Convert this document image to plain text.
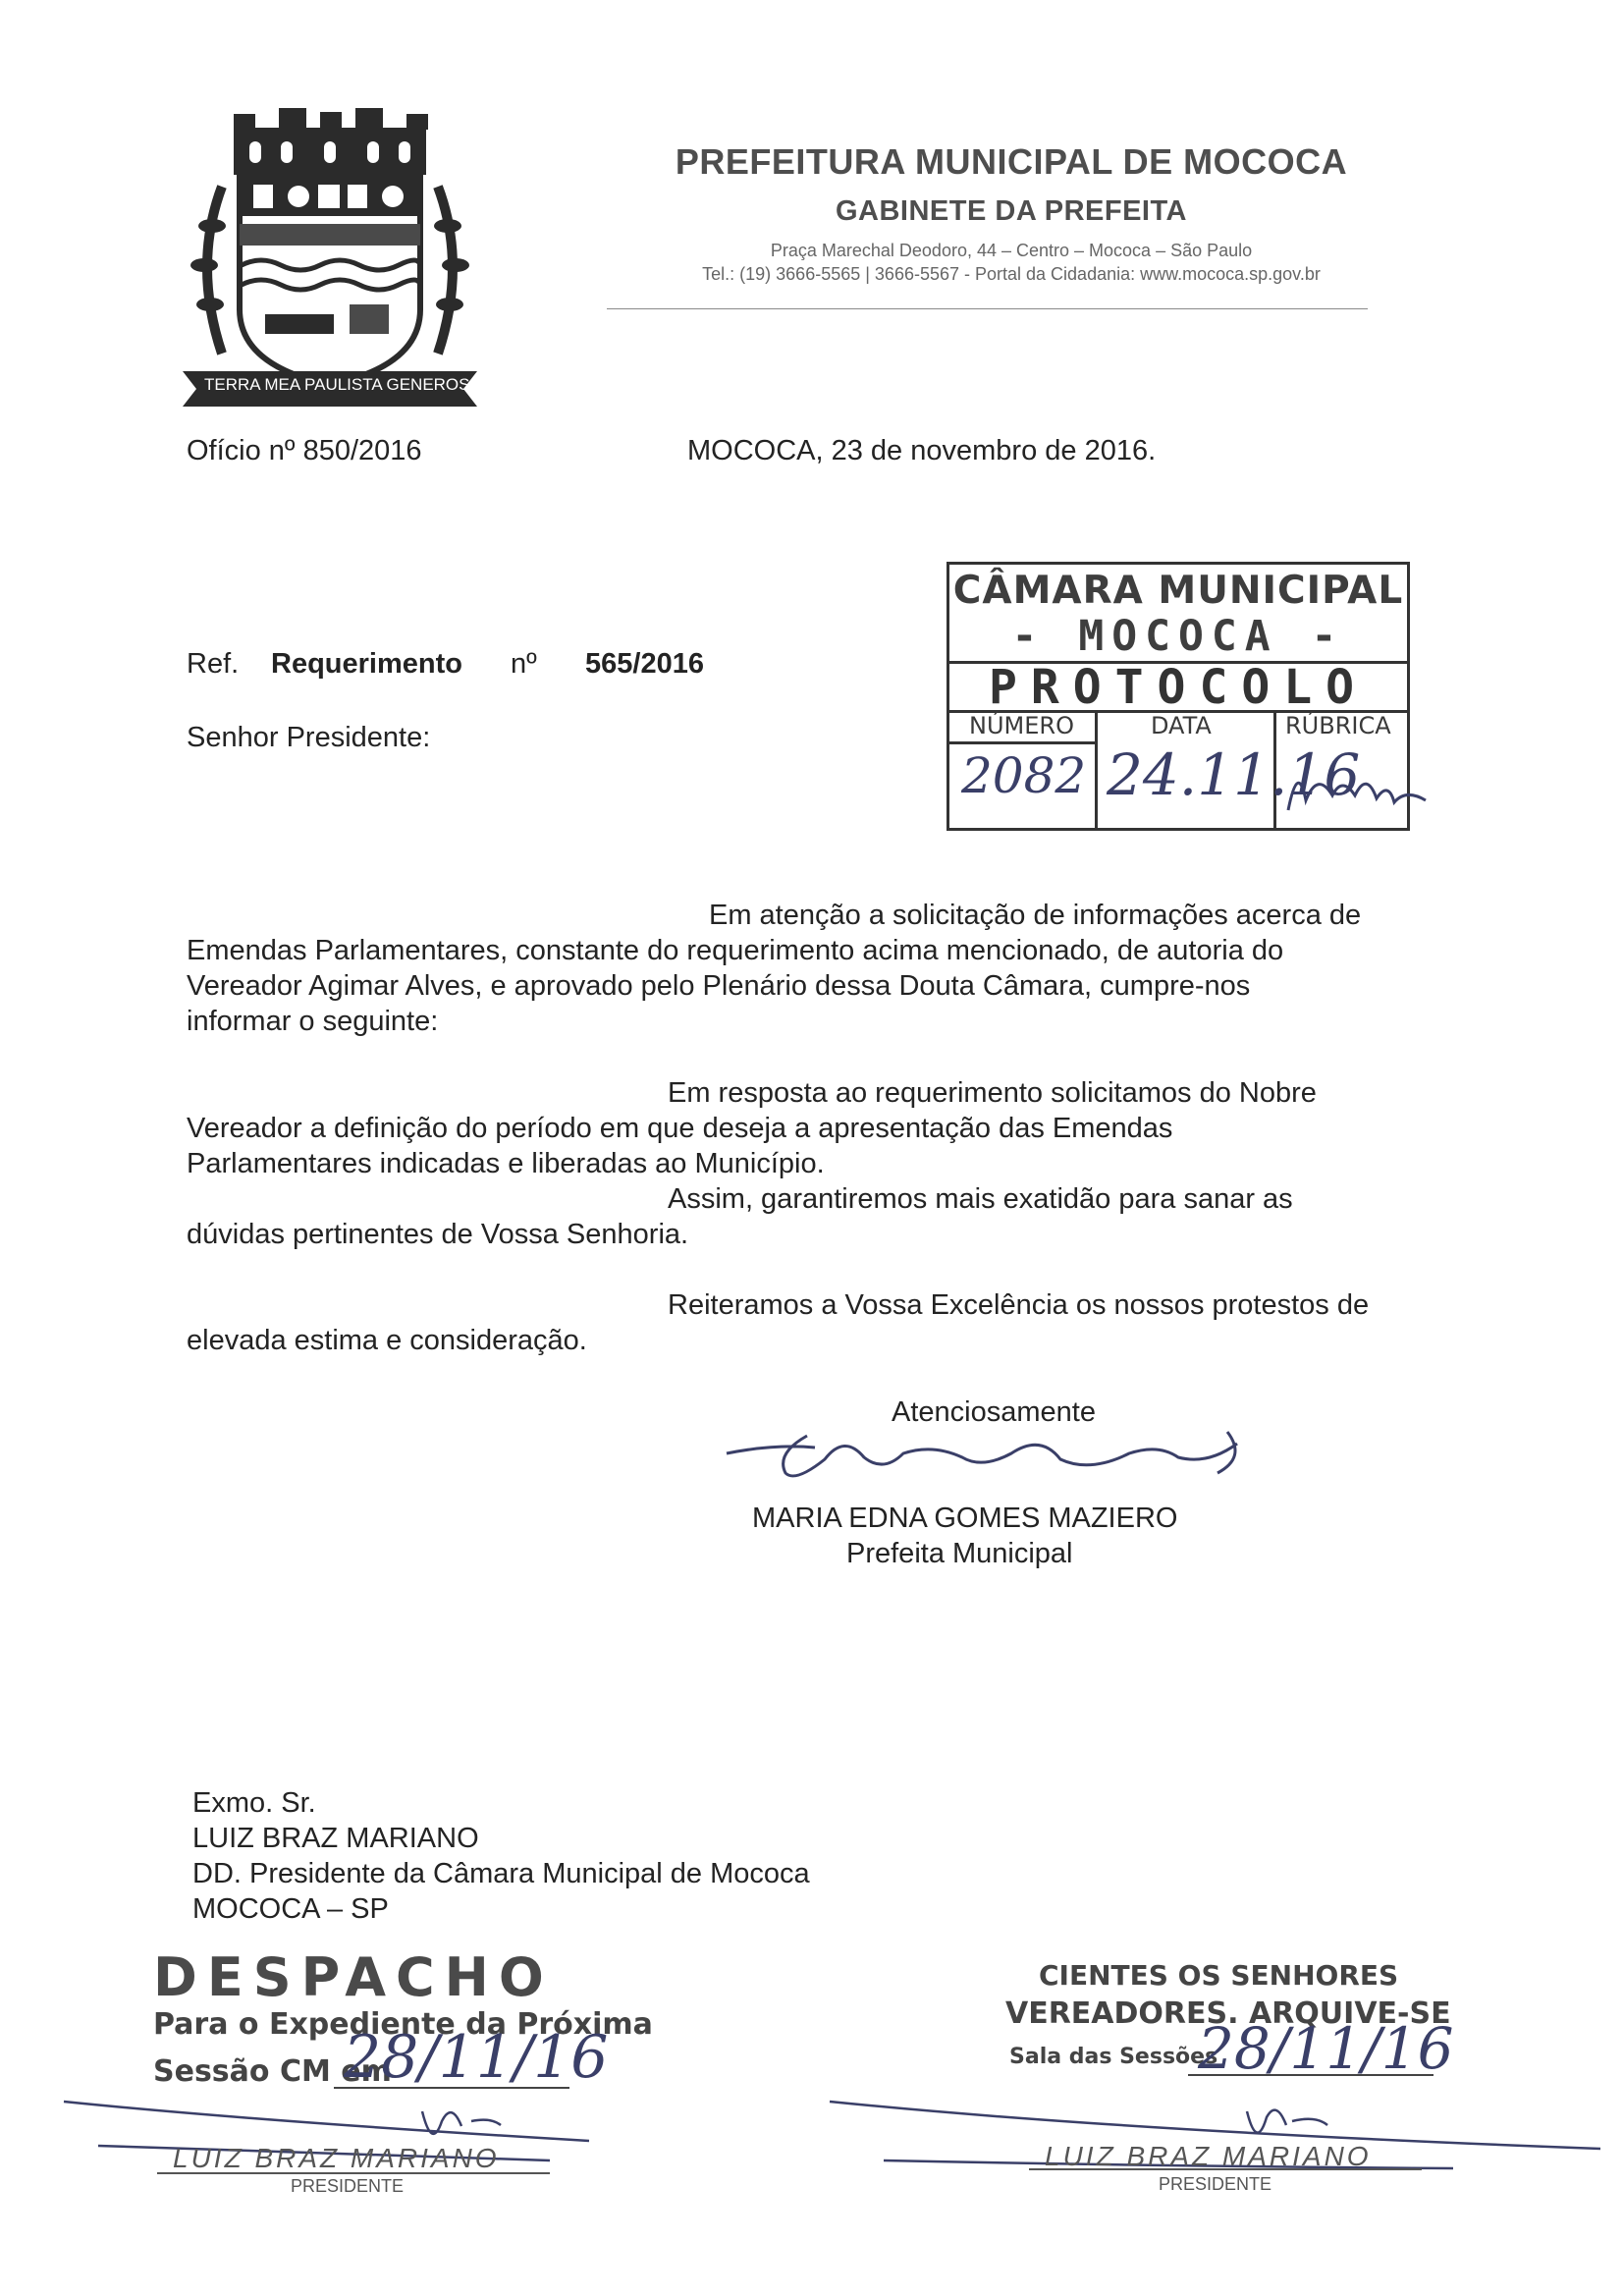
TERRA MEA PAULISTA GENEROSA
PREFEITURA MUNICIPAL DE MOCOCA
GABINETE DA PREFEITA
Praça Marechal Deodoro, 44 – Centro – Mococa – São Paulo
Tel.: (19) 3666-5565 | 3666-5567 - Portal da Cidadania: www.mococa.sp.gov.br
Ofício nº 850/2016	MOCOCA, 23 de novembro de 2016.
CÂMARA MUNICIPAL
- MOCOCA -
PROTOCOLO
NÚMERO	DATA	RÚBRICA
2082 24.11.16
Ref. Requerimento nº 565/2016
Senhor Presidente:
Em atenção a solicitação de informações acerca de
Emendas Parlamentares, constante do requerimento acima mencionado, de autoria do
Vereador Agimar Alves, e aprovado pelo Plenário dessa Douta Câmara, cumpre-nos
informar o seguinte:
Em resposta ao requerimento solicitamos do Nobre
Vereador a definição do período em que deseja a apresentação das Emendas
Parlamentares indicadas e liberadas ao Município.
Assim, garantiremos mais exatidão para sanar as
dúvidas pertinentes de Vossa Senhoria.
Reiteramos a Vossa Excelência os nossos protestos de
elevada estima e consideração.
Atenciosamente
MARIA EDNA GOMES MAZIERO
Prefeita Municipal
Exmo. Sr.
LUIZ BRAZ MARIANO
DD. Presidente da Câmara Municipal de Mococa
MOCOCA – SP
DESPACHO
Para o Expediente da Próxima
Sessão CM em
28/11/16
LUIZ BRAZ MARIANO
PRESIDENTE
CIENTES OS SENHORES
VEREADORES. ARQUIVE-SE
Sala das Sessões
28/11/16
LUIZ BRAZ MARIANO
PRESIDENTE
